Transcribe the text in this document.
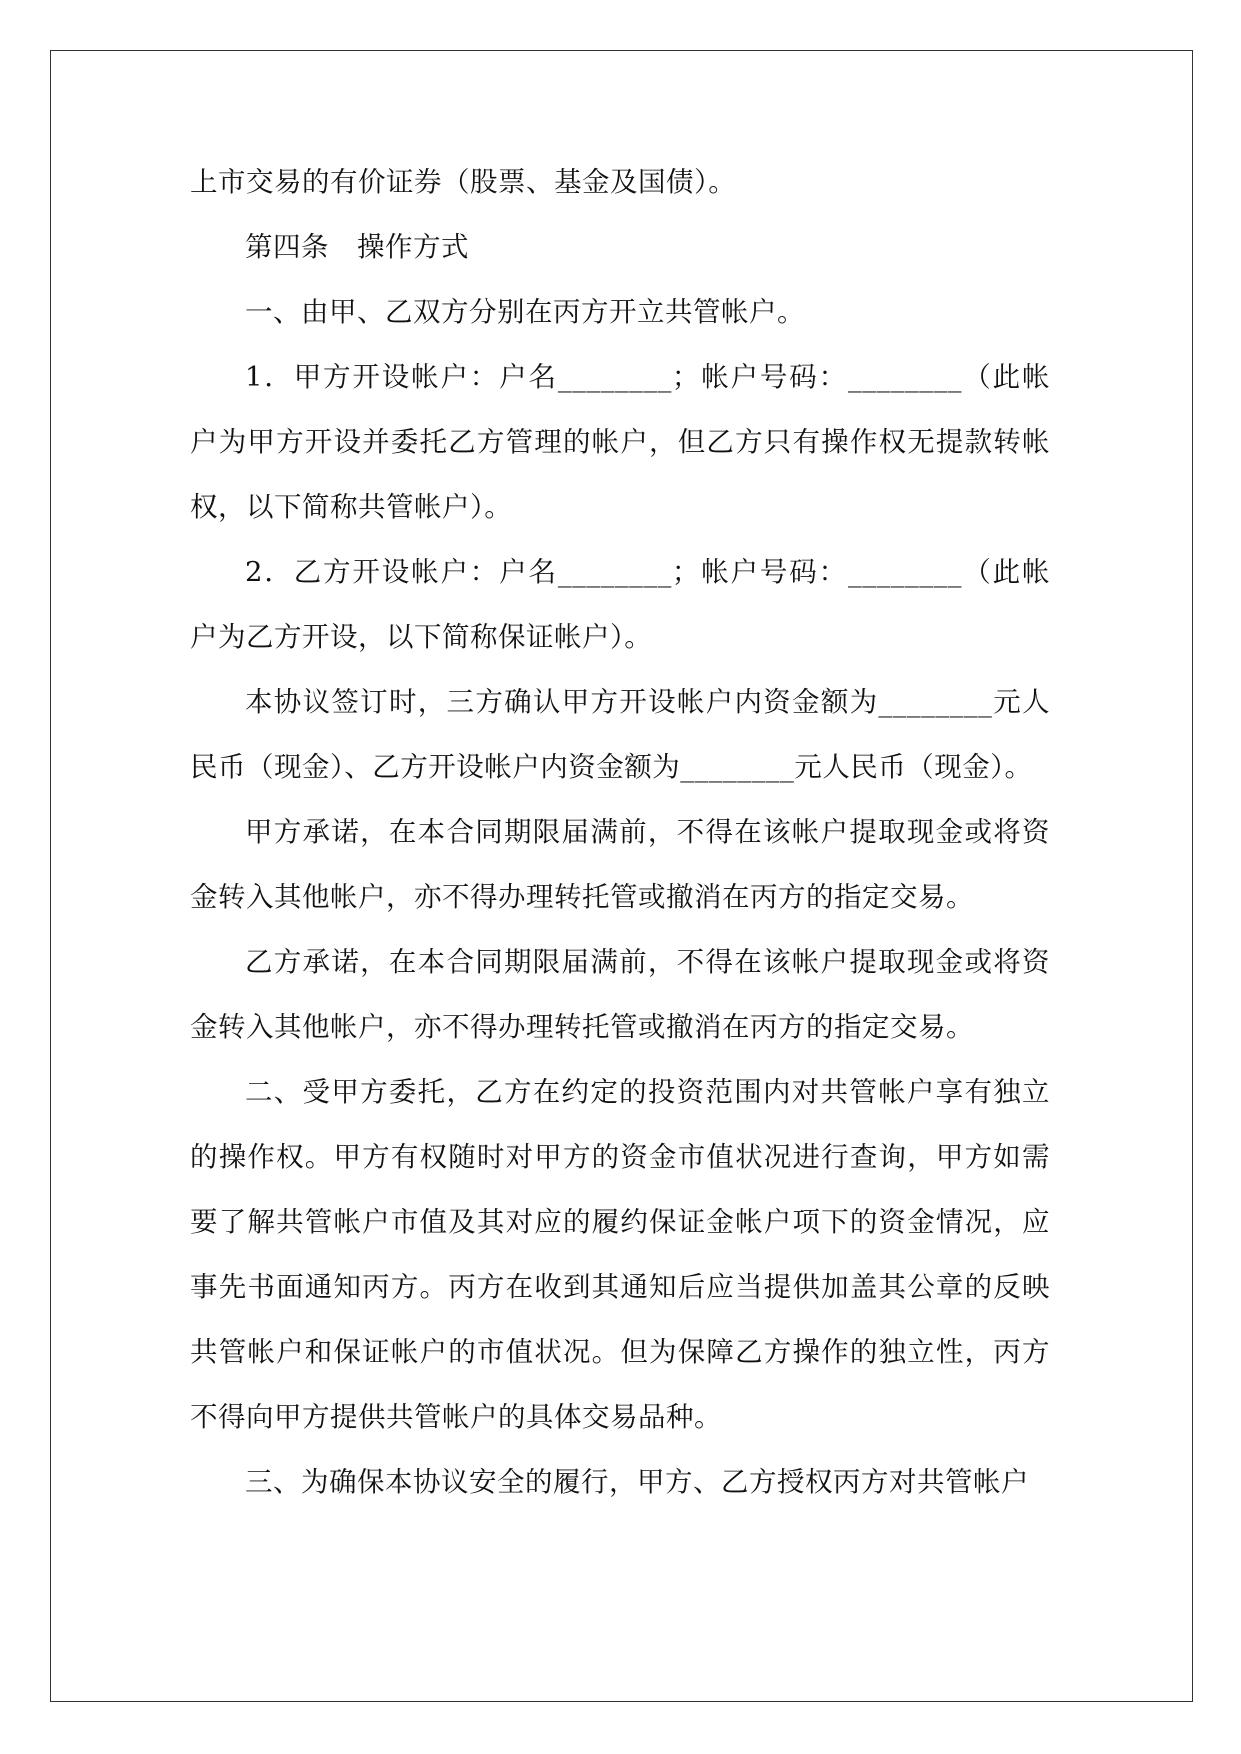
上市交易的有价证券（股票、基金及国债）。

第四条　操作方式

一、由甲、乙双方分别在丙方开立共管帐户。

1．甲方开设帐户：户名________；帐户号码：________（此帐户为甲方开设并委托乙方管理的帐户，但乙方只有操作权无提款转帐权，以下简称共管帐户）。

2．乙方开设帐户：户名________；帐户号码：________（此帐户为乙方开设，以下简称保证帐户）。

本协议签订时，三方确认甲方开设帐户内资金额为________元人民币（现金）、乙方开设帐户内资金额为________元人民币（现金）。

甲方承诺，在本合同期限届满前，不得在该帐户提取现金或将资金转入其他帐户，亦不得办理转托管或撤消在丙方的指定交易。

乙方承诺，在本合同期限届满前，不得在该帐户提取现金或将资金转入其他帐户，亦不得办理转托管或撤消在丙方的指定交易。

二、受甲方委托，乙方在约定的投资范围内对共管帐户享有独立的操作权。甲方有权随时对甲方的资金市值状况进行查询，甲方如需要了解共管帐户市值及其对应的履约保证金帐户项下的资金情况，应事先书面通知丙方。丙方在收到其通知后应当提供加盖其公章的反映共管帐户和保证帐户的市值状况。但为保障乙方操作的独立性，丙方不得向甲方提供共管帐户的具体交易品种。

三、为确保本协议安全的履行，甲方、乙方授权丙方对共管帐户
